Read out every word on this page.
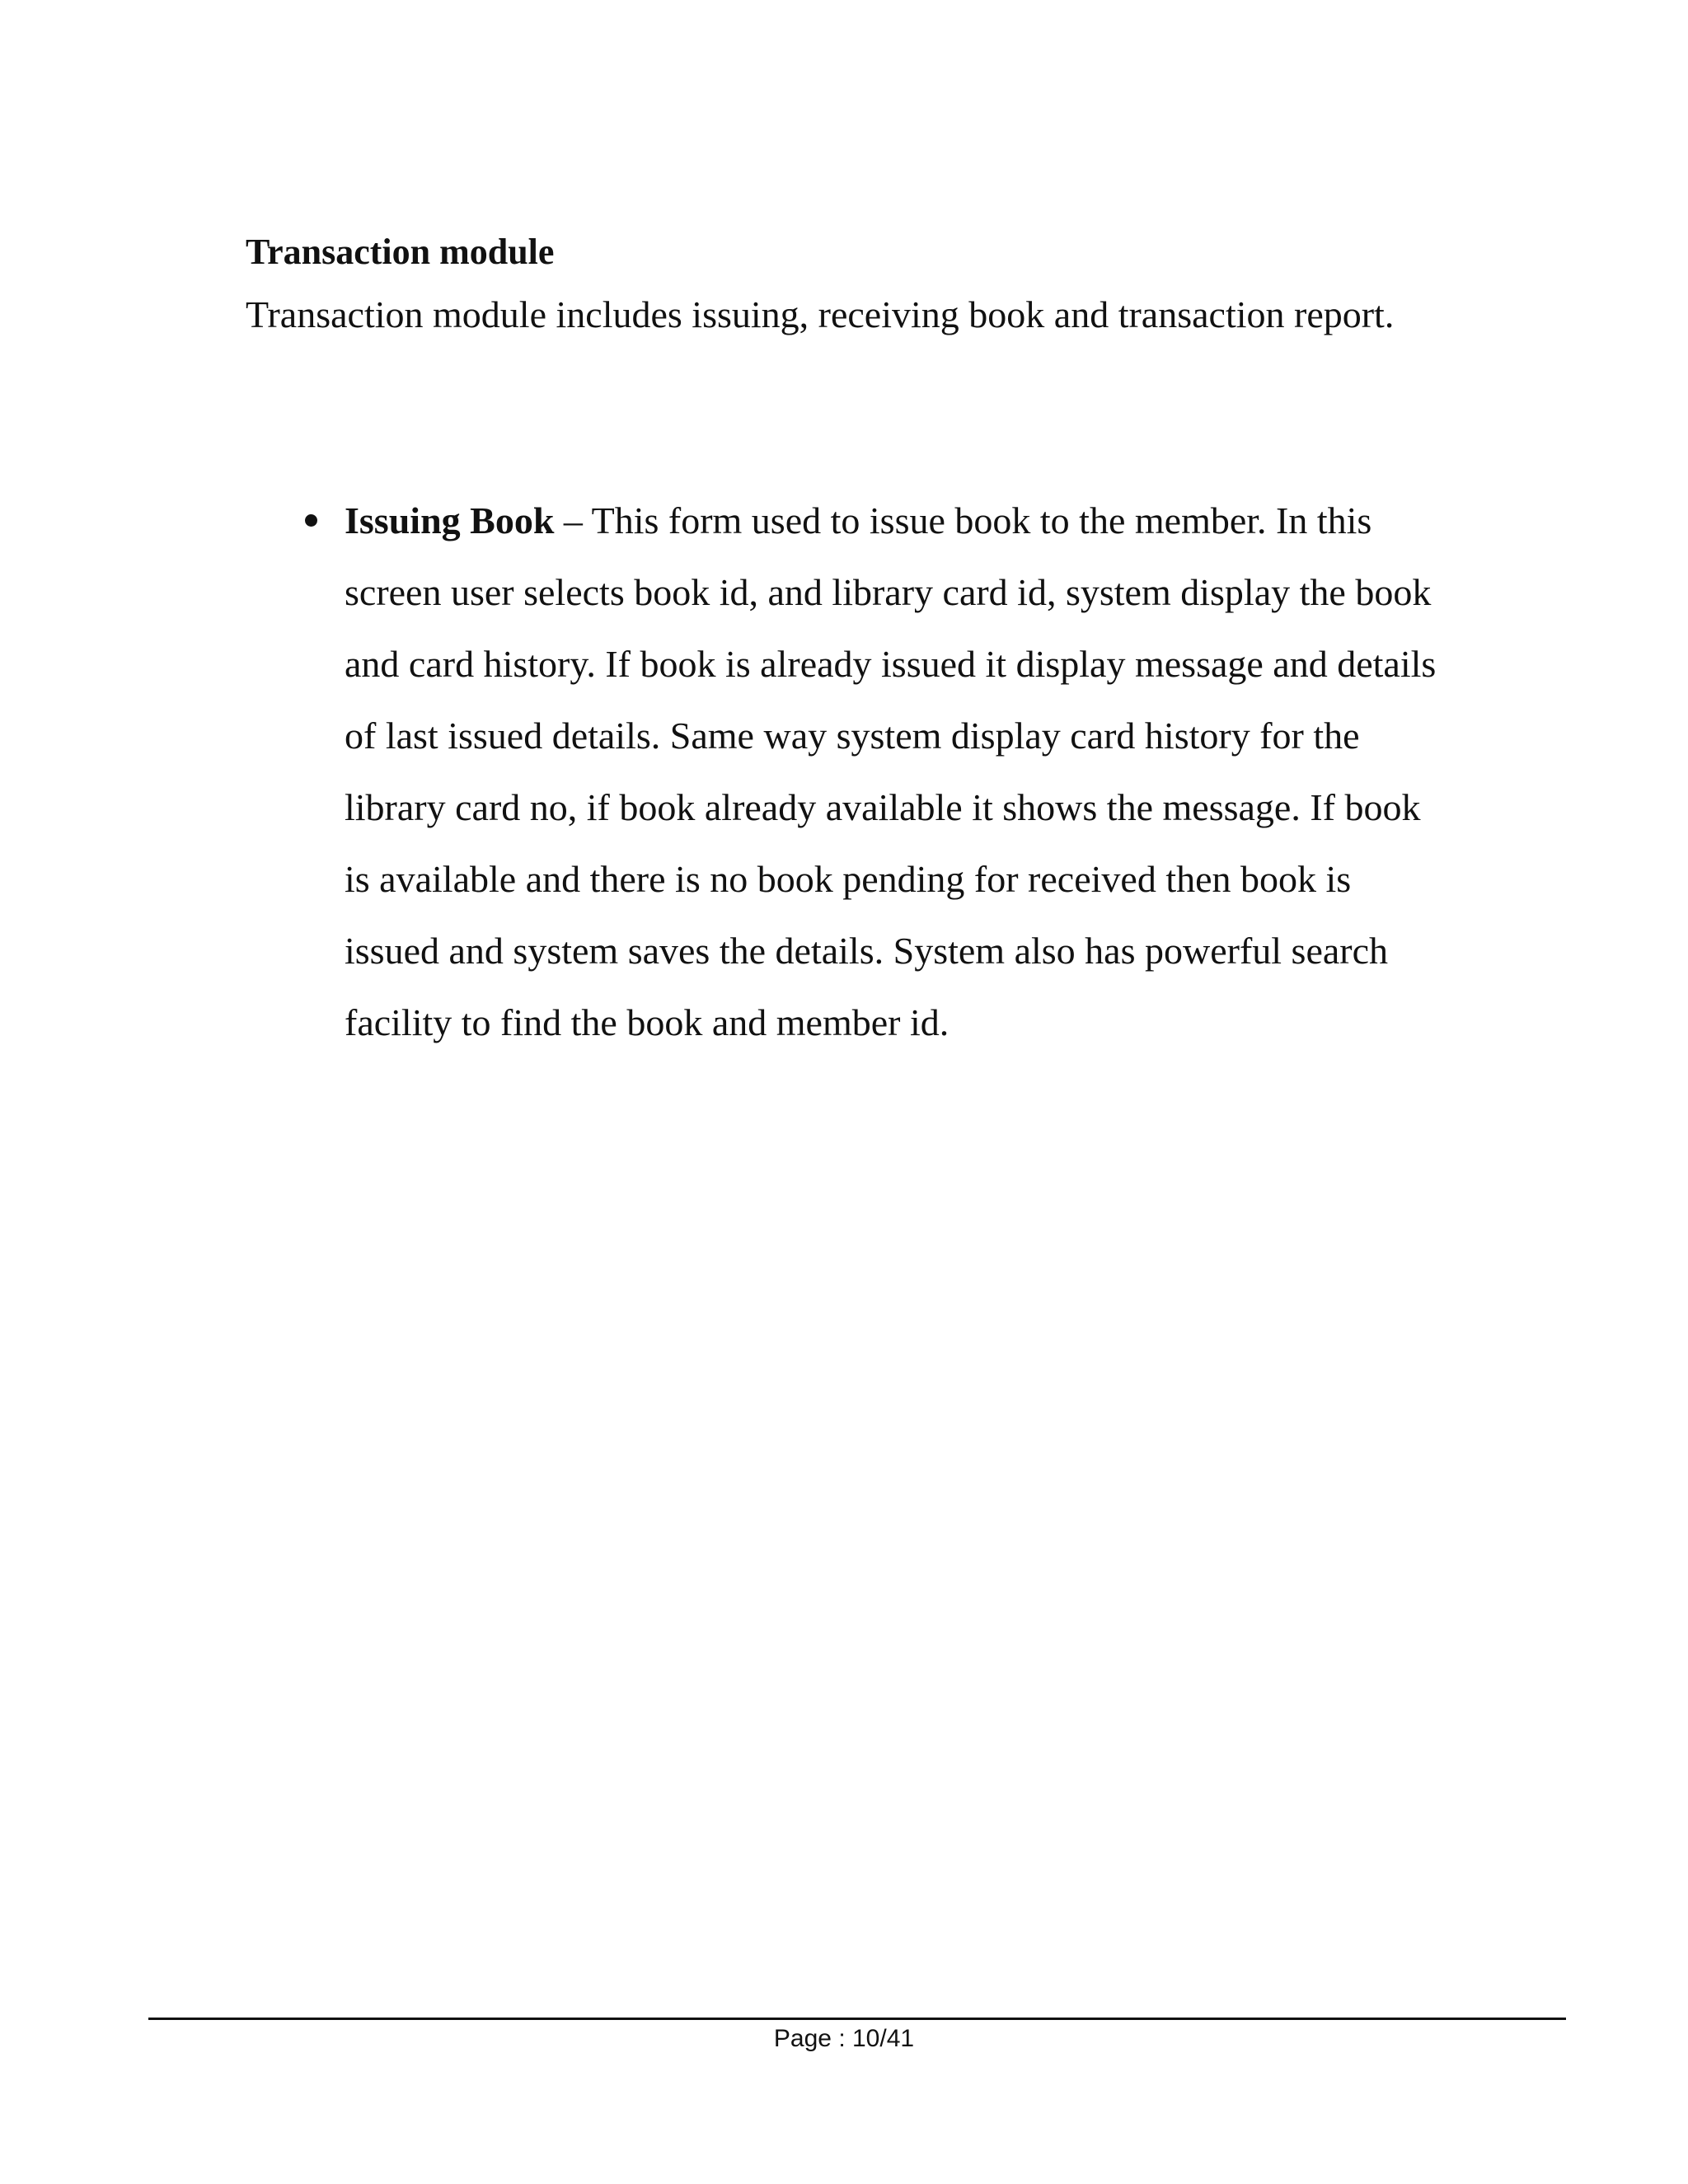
Transaction module

Transaction module includes issuing, receiving book and transaction report.

Issuing Book – This form used to issue book to the member. In this screen user selects book id, and library card id, system display the book and card history. If book is already issued it display message and details of last issued details. Same way system display card history for the library card no, if book already available it shows the message. If book is available and there is no book pending for received then book is issued and system saves the details. System also has powerful search facility to find the book and member id.
Page : 10/41
